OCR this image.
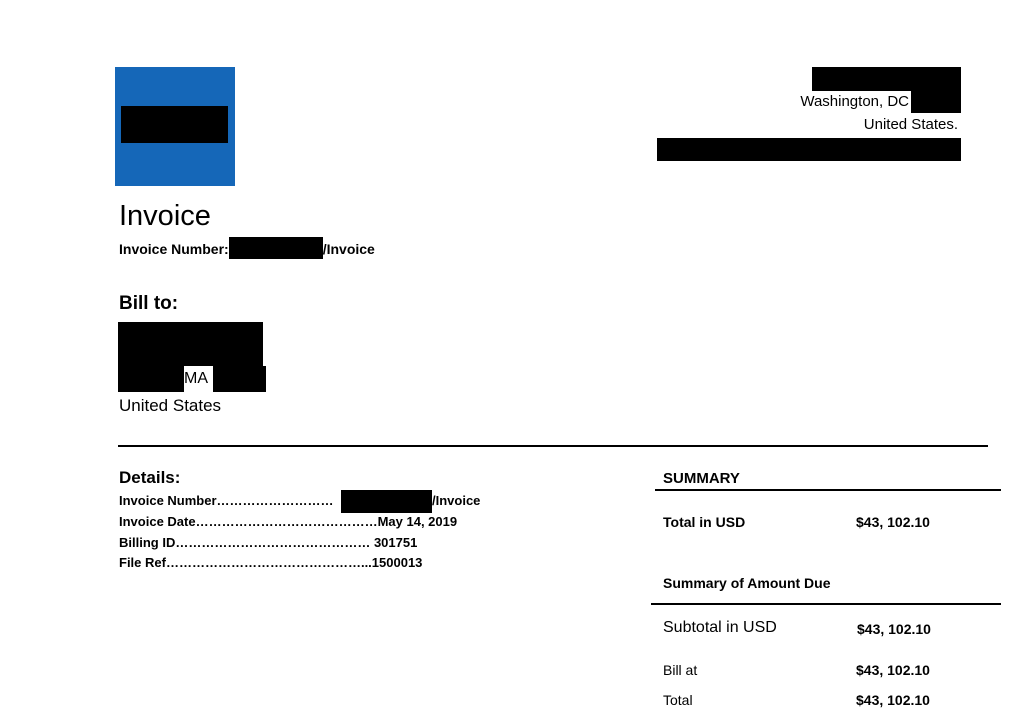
Washington, DC
United States.
Invoice
Invoice Number:	/Invoice
Bill to:
MA
United States
Details:
Invoice Number………………………	/Invoice
Invoice Date……………………………………May 14, 2019
Billing ID……………………………………… 301751
File Ref………………………………………...1500013
SUMMARY
Total in USD	$43, 102.10
Summary of Amount Due
Subtotal in USD	$43, 102.10
Bill at	$43, 102.10
Total	$43, 102.10
